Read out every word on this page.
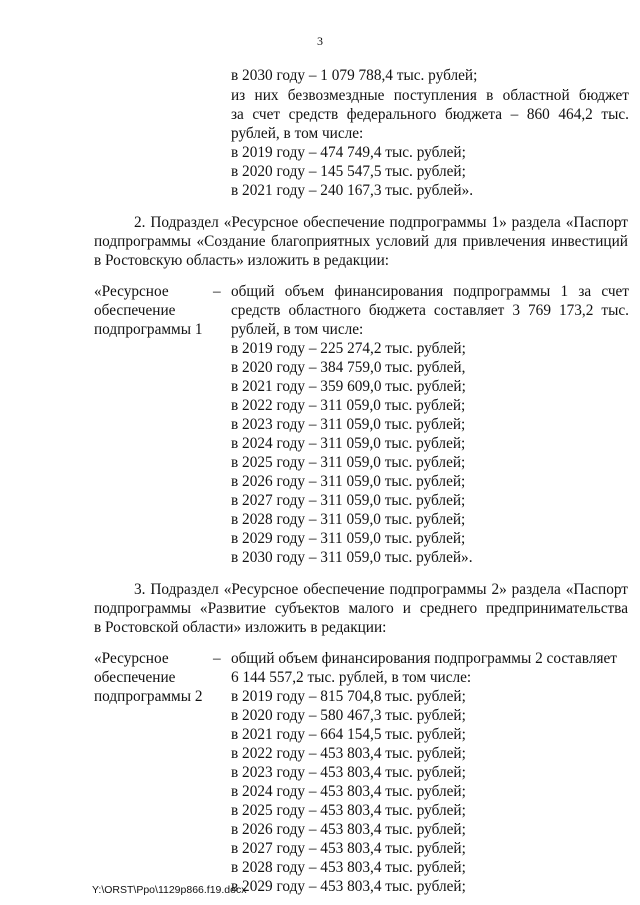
3
в 2030 году – 1 079 788,4 тыс. рублей;
из них безвозмездные поступления в областной бюджет
за счет средств федерального бюджета – 860 464,2 тыс.
рублей, в том числе:
в 2019 году – 474 749,4 тыс. рублей;
в 2020 году – 145 547,5 тыс. рублей;
в 2021 году – 240 167,3 тыс. рублей».
2. Подраздел «Ресурсное обеспечение подпрограммы 1» раздела «Паспорт
подпрограммы «Создание благоприятных условий для привлечения инвестиций
в Ростовскую область» изложить в редакции:
«Ресурсное
обеспечение
подпрограммы 1
– общий объем финансирования подпрограммы 1 за счет
средств областного бюджета составляет 3 769 173,2 тыс.
рублей, в том числе:
в 2019 году – 225 274,2 тыс. рублей;
в 2020 году – 384 759,0 тыс. рублей,
в 2021 году – 359 609,0 тыс. рублей;
в 2022 году – 311 059,0 тыс. рублей;
в 2023 году – 311 059,0 тыс. рублей;
в 2024 году – 311 059,0 тыс. рублей;
в 2025 году – 311 059,0 тыс. рублей;
в 2026 году – 311 059,0 тыс. рублей;
в 2027 году – 311 059,0 тыс. рублей;
в 2028 году – 311 059,0 тыс. рублей;
в 2029 году – 311 059,0 тыс. рублей;
в 2030 году – 311 059,0 тыс. рублей».
3. Подраздел «Ресурсное обеспечение подпрограммы 2» раздела «Паспорт
подпрограммы «Развитие субъектов малого и среднего предпринимательства
в Ростовской области» изложить в редакции:
«Ресурсное
обеспечение
подпрограммы 2
– общий объем финансирования подпрограммы 2 составляет
6 144 557,2 тыс. рублей, в том числе:
в 2019 году – 815 704,8 тыс. рублей;
в 2020 году – 580 467,3 тыс. рублей;
в 2021 году – 664 154,5 тыс. рублей;
в 2022 году – 453 803,4 тыс. рублей;
в 2023 году – 453 803,4 тыс. рублей;
в 2024 году – 453 803,4 тыс. рублей;
в 2025 году – 453 803,4 тыс. рублей;
в 2026 году – 453 803,4 тыс. рублей;
в 2027 году – 453 803,4 тыс. рублей;
в 2028 году – 453 803,4 тыс. рублей;
в 2029 году – 453 803,4 тыс. рублей;
Y:\ORST\Ppo\1129p866.f19.docx
